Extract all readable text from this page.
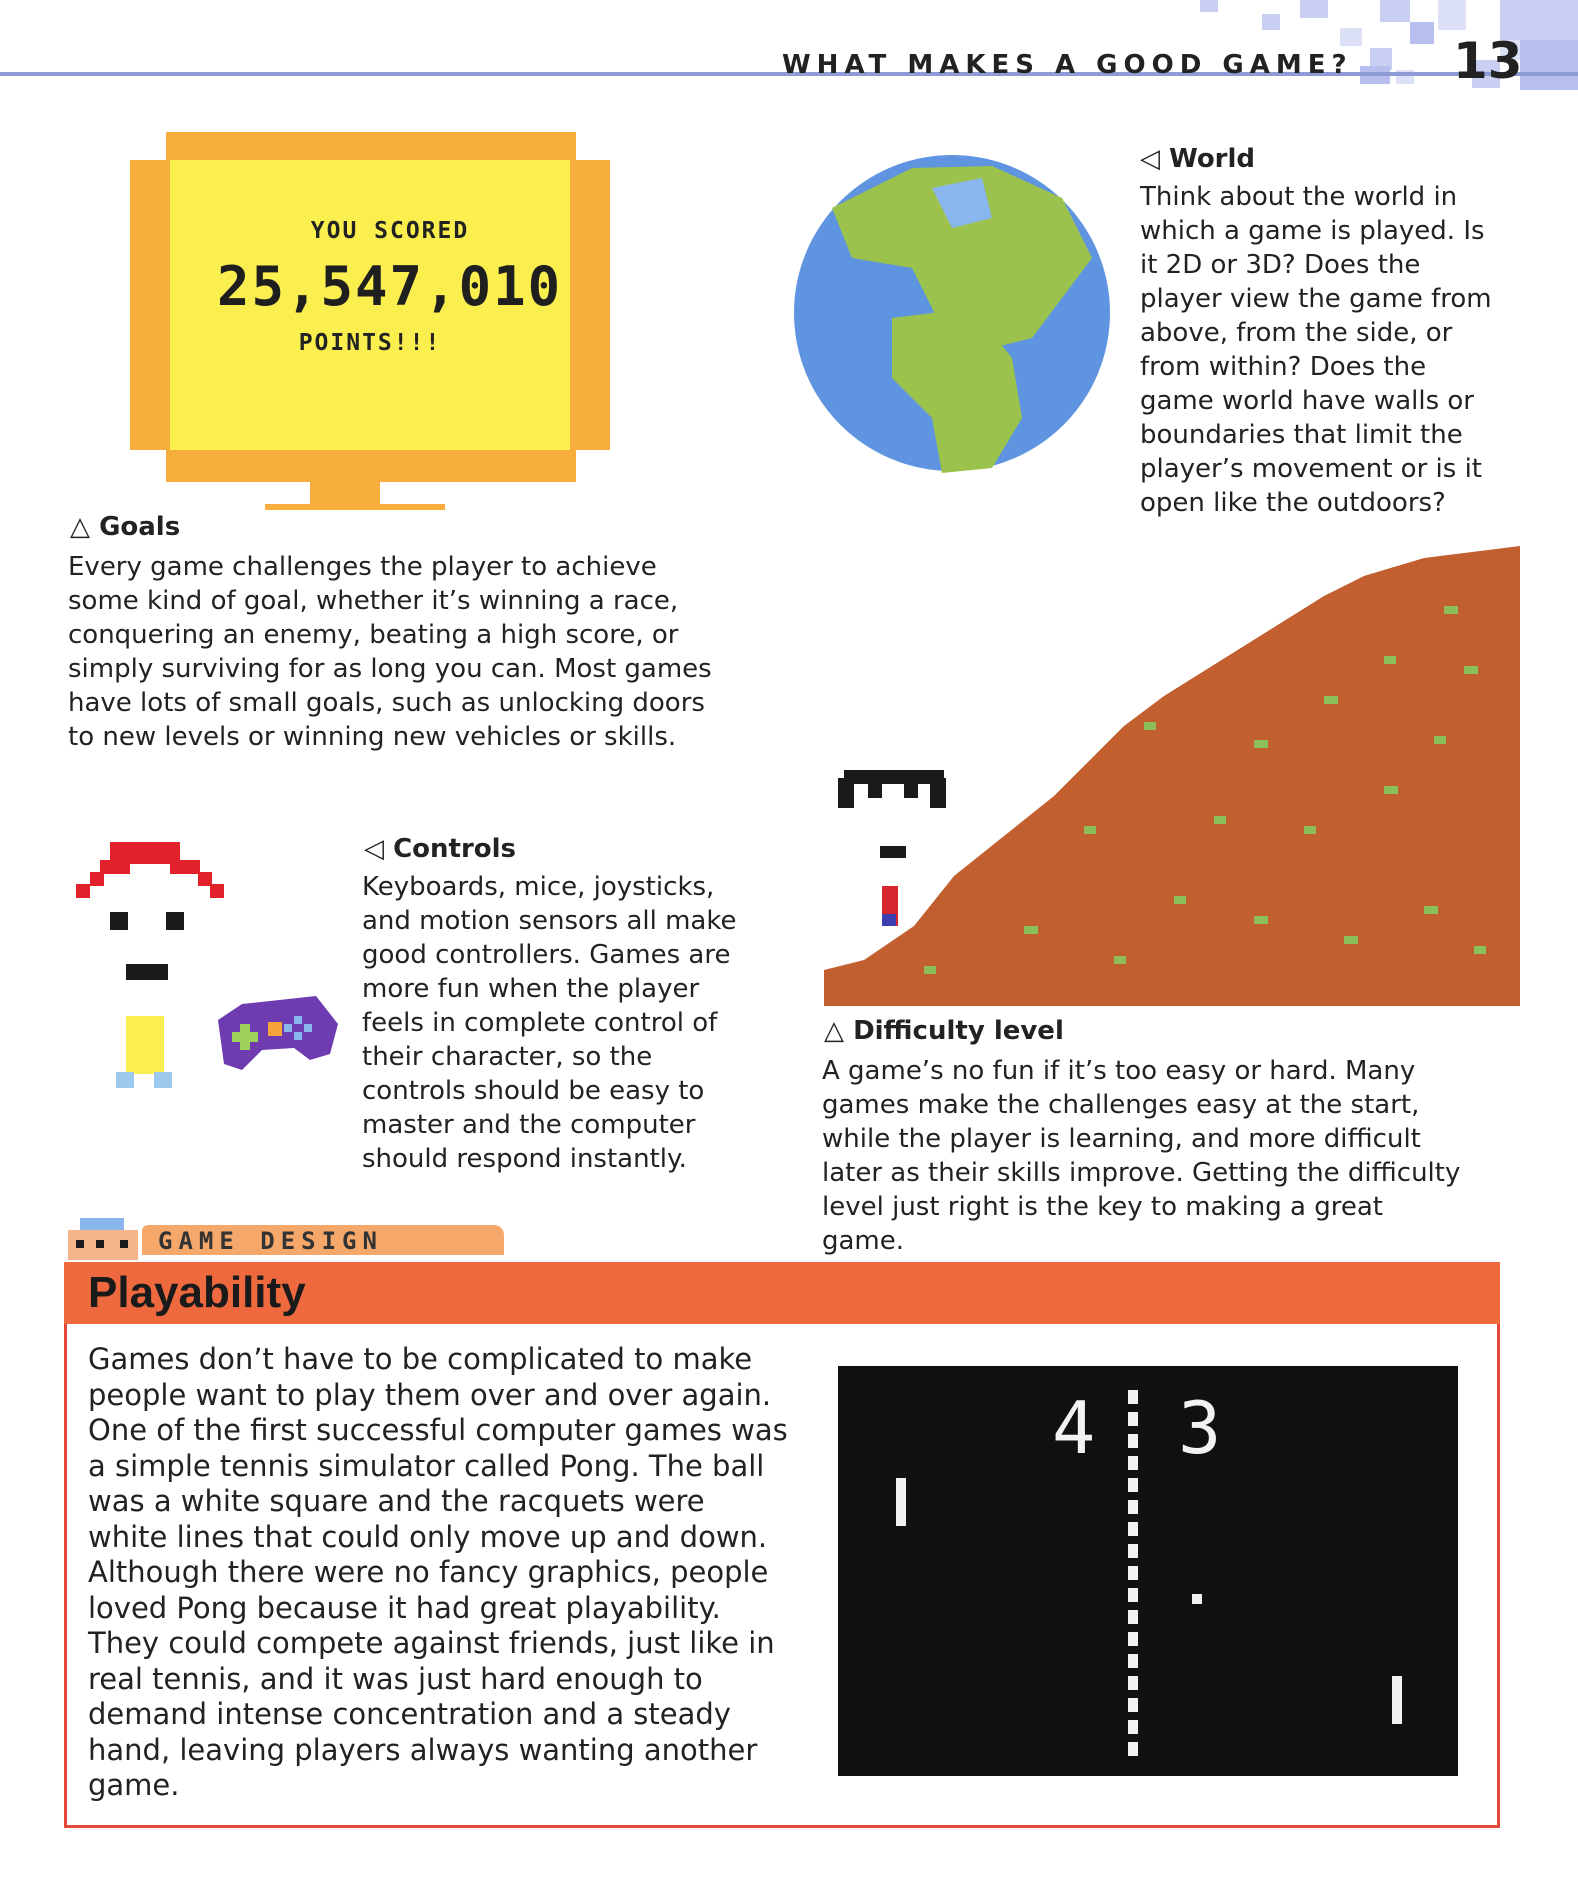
WHAT MAKES A GOOD GAME? 13
YOU SCORED
25,547,010
POINTS!!!
◁ World
Think about the world in which a game is played. Is it 2D or 3D? Does the player view the game from above, from the side, or from within? Does the game world have walls or boundaries that limit the player’s movement or is it open like the outdoors?
△ Goals
Every game challenges the player to achieve some kind of goal, whether it’s winning a race, conquering an enemy, beating a high score, or simply surviving for as long you can. Most games have lots of small goals, such as unlocking doors to new levels or winning new vehicles or skills.
◁ Controls
Keyboards, mice, joysticks, and motion sensors all make good controllers. Games are more fun when the player feels in complete control of their character, so the controls should be easy to master and the computer should respond instantly.
△ Difficulty level
A game’s no fun if it’s too easy or hard. Many games make the challenges easy at the start, while the player is learning, and more difficult later as their skills improve. Getting the difficulty level just right is the key to making a great game.
GAME DESIGN
Playability
Games don’t have to be complicated to make people want to play them over and over again. One of the first successful computer games was a simple tennis simulator called Pong. The ball was a white square and the racquets were white lines that could only move up and down. Although there were no fancy graphics, people loved Pong because it had great playability. They could compete against friends, just like in real tennis, and it was just hard enough to demand intense concentration and a steady hand, leaving players always wanting another game.
4 3
